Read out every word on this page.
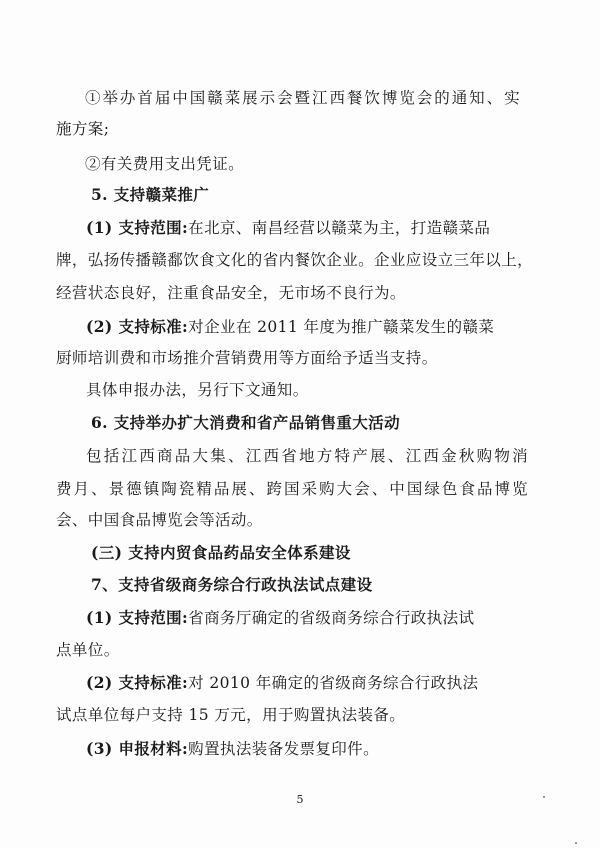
①举办首届中国赣菜展示会暨江西餐饮博览会的通知、实
施方案;
②有关费用支出凭证。
5. 支持赣菜推广
(1) 支持范围:在北京、南昌经营以赣菜为主，打造赣菜品
牌，弘扬传播赣鄱饮食文化的省内餐饮企业。企业应设立三年以上，
经营状态良好，注重食品安全，无市场不良行为。
(2) 支持标准:对企业在 2011 年度为推广赣菜发生的赣菜
厨师培训费和市场推介营销费用等方面给予适当支持。
具体申报办法，另行下文通知。
6. 支持举办扩大消费和省产品销售重大活动
包括江西商品大集、江西省地方特产展、江西金秋购物消
费月、景德镇陶瓷精品展、跨国采购大会、中国绿色食品博览
会、中国食品博览会等活动。
(三) 支持内贸食品药品安全体系建设
7、支持省级商务综合行政执法试点建设
(1) 支持范围:省商务厅确定的省级商务综合行政执法试
点单位。
(2) 支持标准:对 2010 年确定的省级商务综合行政执法
试点单位每户支持 15 万元，用于购置执法装备。
(3) 申报材料:购置执法装备发票复印件。
5
